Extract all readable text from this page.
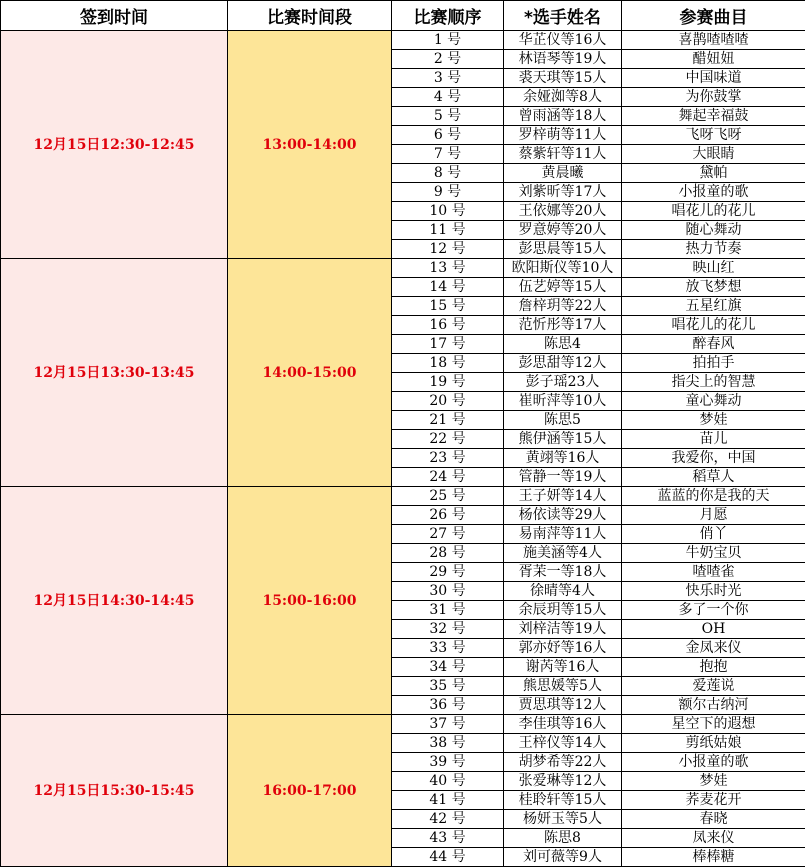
签到时间	比赛时间段	比赛顺序	*选手姓名	参赛曲目
12月15日12:30-12:45	13:00-14:00	1 号	华芷仪等16人	喜鹊喳喳喳
		2 号	林语琴等19人	醋妞妞
		3 号	裘天琪等15人	中国味道
		4 号	余娅洳等8人	为你鼓掌
		5 号	曾雨涵等18人	舞起幸福鼓
		6 号	罗梓萌等11人	飞呀飞呀
		7 号	蔡紫轩等11人	大眼睛
		8 号	黄晨曦	黛帕
		9 号	刘紫昕等17人	小报童的歌
		10 号	王依娜等20人	唱花儿的花儿
		11 号	罗意婷等20人	随心舞动
		12 号	彭思晨等15人	热力节奏
12月15日13:30-13:45	14:00-15:00	13 号	欧阳斯仪等10人	映山红
		14 号	伍艺婷等15人	放飞梦想
		15 号	詹梓玥等22人	五星红旗
		16 号	范忻彤等17人	唱花儿的花儿
		17 号	陈思4	醉春风
		18 号	彭思甜等12人	拍拍手
		19 号	彭子瑶23人	指尖上的智慧
		20 号	崔昕萍等10人	童心舞动
		21 号	陈思5	梦娃
		22 号	熊伊涵等15人	苗儿
		23 号	黄翊等16人	我爱你，中国
		24 号	管静一等19人	稻草人
12月15日14:30-14:45	15:00-16:00	25 号	王子妍等14人	蓝蓝的你是我的天
		26 号	杨依读等29人	月愿
		27 号	易南萍等11人	俏丫
		28 号	施美涵等4人	牛奶宝贝
		29 号	胥茉一等18人	喳喳雀
		30 号	徐晴等4人	快乐时光
		31 号	余辰玥等15人	多了一个你
		32 号	刘梓洁等19人	OH
		33 号	郭亦妤等16人	金凤来仪
		34 号	谢芮等16人	抱抱
		35 号	熊思媛等5人	爱莲说
		36 号	贾思琪等12人	额尔古纳河
12月15日15:30-15:45	16:00-17:00	37 号	李佳琪等16人	星空下的遐想
		38 号	王梓仪等14人	剪纸姑娘
		39 号	胡梦希等22人	小报童的歌
		40 号	张爱琳等12人	梦娃
		41 号	桂聆轩等15人	荞麦花开
		42 号	杨妍玉等5人	春晓
		43 号	陈思8	凤来仪
		44 号	刘可薇等9人	棒棒糖
